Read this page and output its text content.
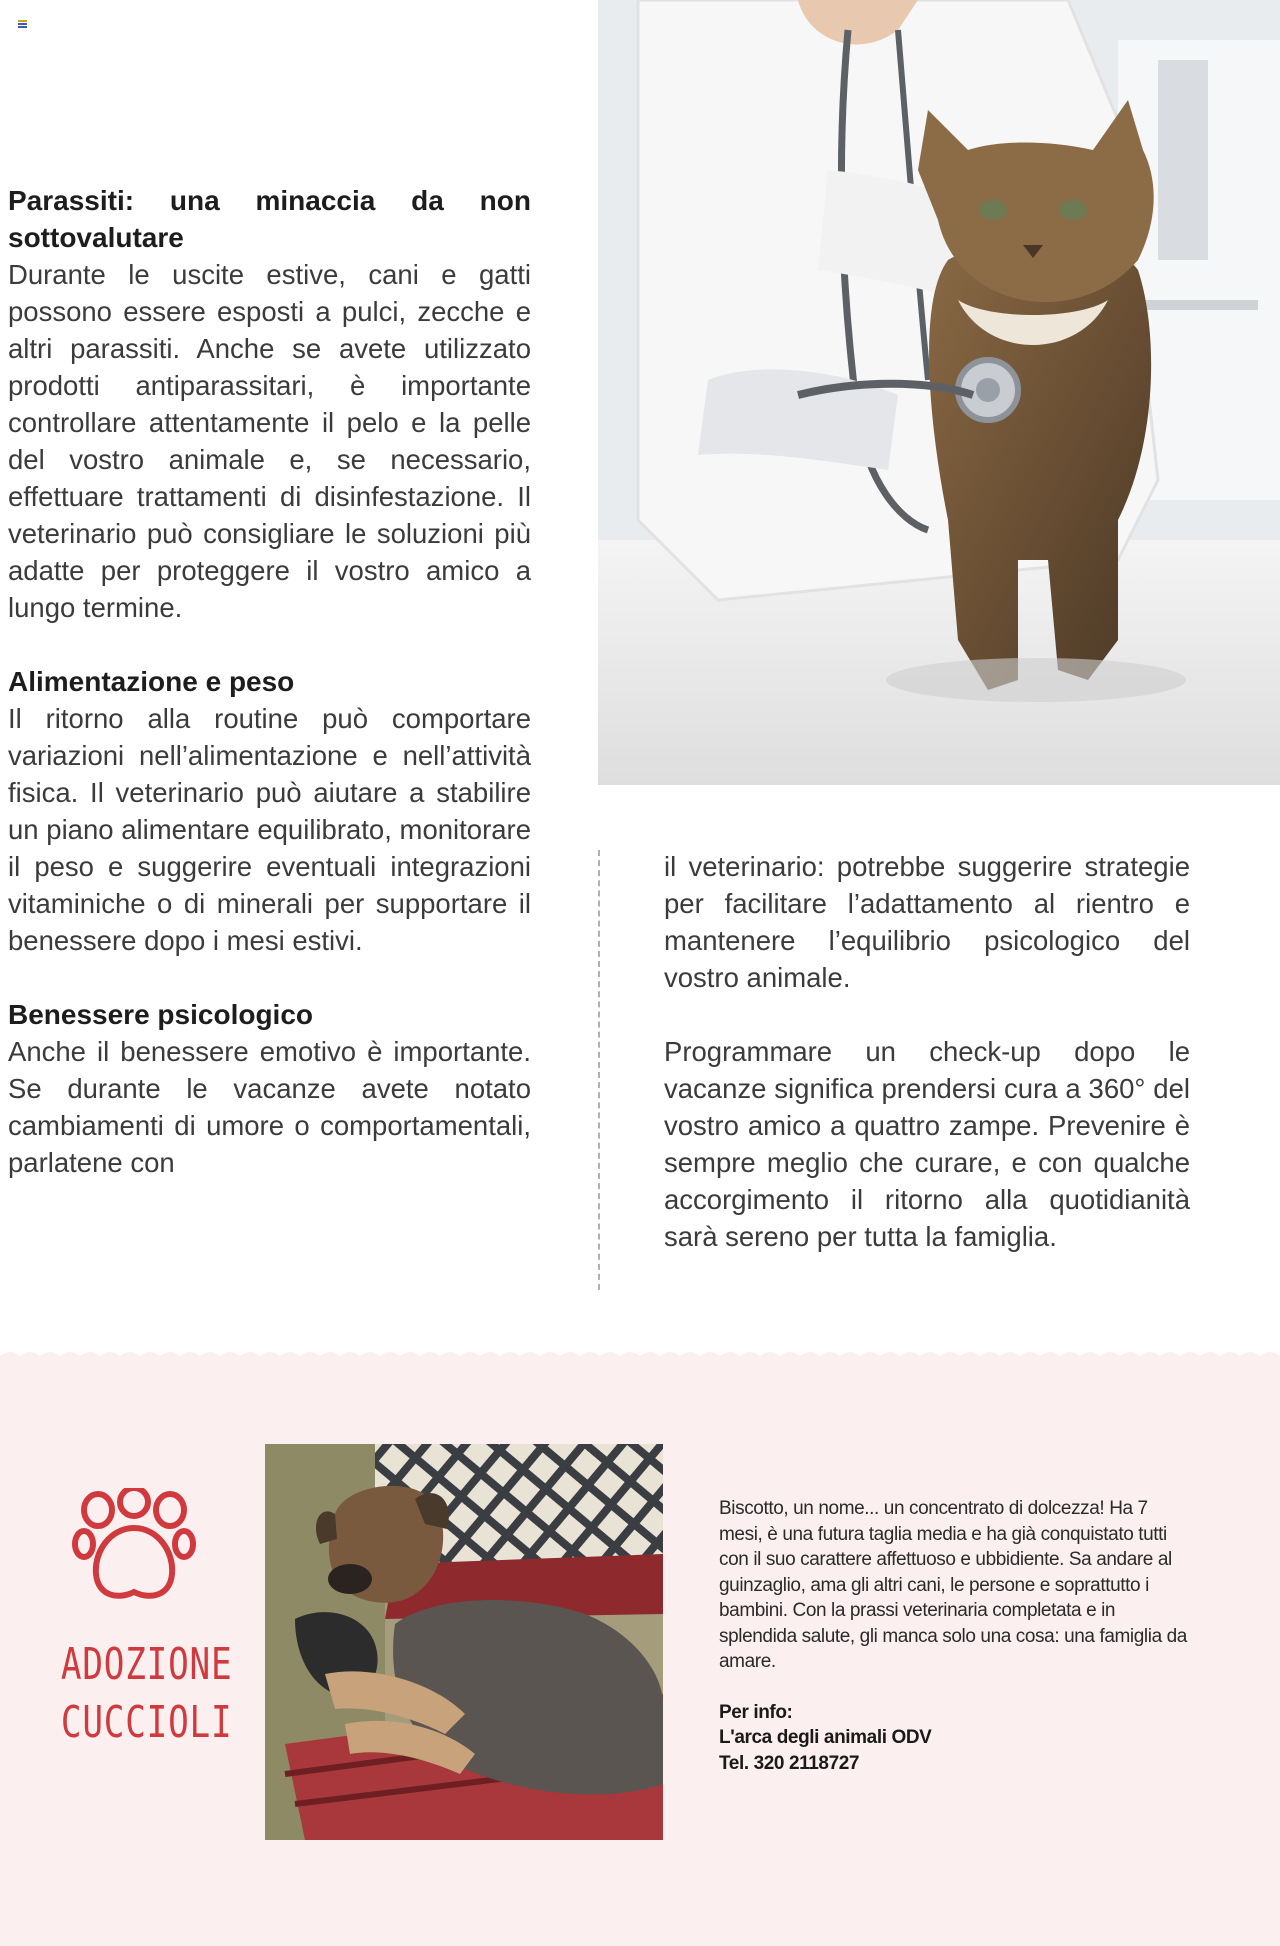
Parassiti: una minaccia da non sottovalutare

Durante le uscite estive, cani e gatti possono essere esposti a pulci, zecche e altri parassiti. Anche se avete utilizzato prodotti antiparassitari, è importante controllare attentamente il pelo e la pelle del vostro animale e, se necessario, effettuare trattamenti di disinfestazione. Il veterinario può consigliare le soluzioni più adatte per proteggere il vostro amico a lungo termine.

Alimentazione e peso

Il ritorno alla routine può comportare variazioni nell’alimentazione e nell’attività fisica. Il veterinario può aiutare a stabilire un piano alimentare equilibrato, monitorare il peso e suggerire eventuali integrazioni vitaminiche o di minerali per supportare il benessere dopo i mesi estivi.

Benessere psicologico

Anche il benessere emotivo è importante. Se durante le vacanze avete notato cambiamenti di umore o comportamentali, parlatene con

il veterinario: potrebbe suggerire strategie per facilitare l’adattamento al rientro e mantenere l’equilibrio psicologico del vostro animale.

Programmare un check-up dopo le vacanze significa prendersi cura a 360° del vostro amico a quattro zampe. Prevenire è sempre meglio che curare, e con qualche accorgimento il ritorno alla quotidianità sarà sereno per tutta la famiglia.

ADOZIONE
CUCCIOLI

Biscotto, un nome... un concentrato di dolcezza! Ha 7 mesi, è una futura taglia media e ha già conquistato tutti con il suo carattere affettuoso e ubbidiente. Sa andare al guinzaglio, ama gli altri cani, le persone e soprattutto i bambini. Con la prassi veterinaria completata e in splendida salute, gli manca solo una cosa: una famiglia da amare.

Per info:
L'arca degli animali ODV
Tel. 320 2118727
